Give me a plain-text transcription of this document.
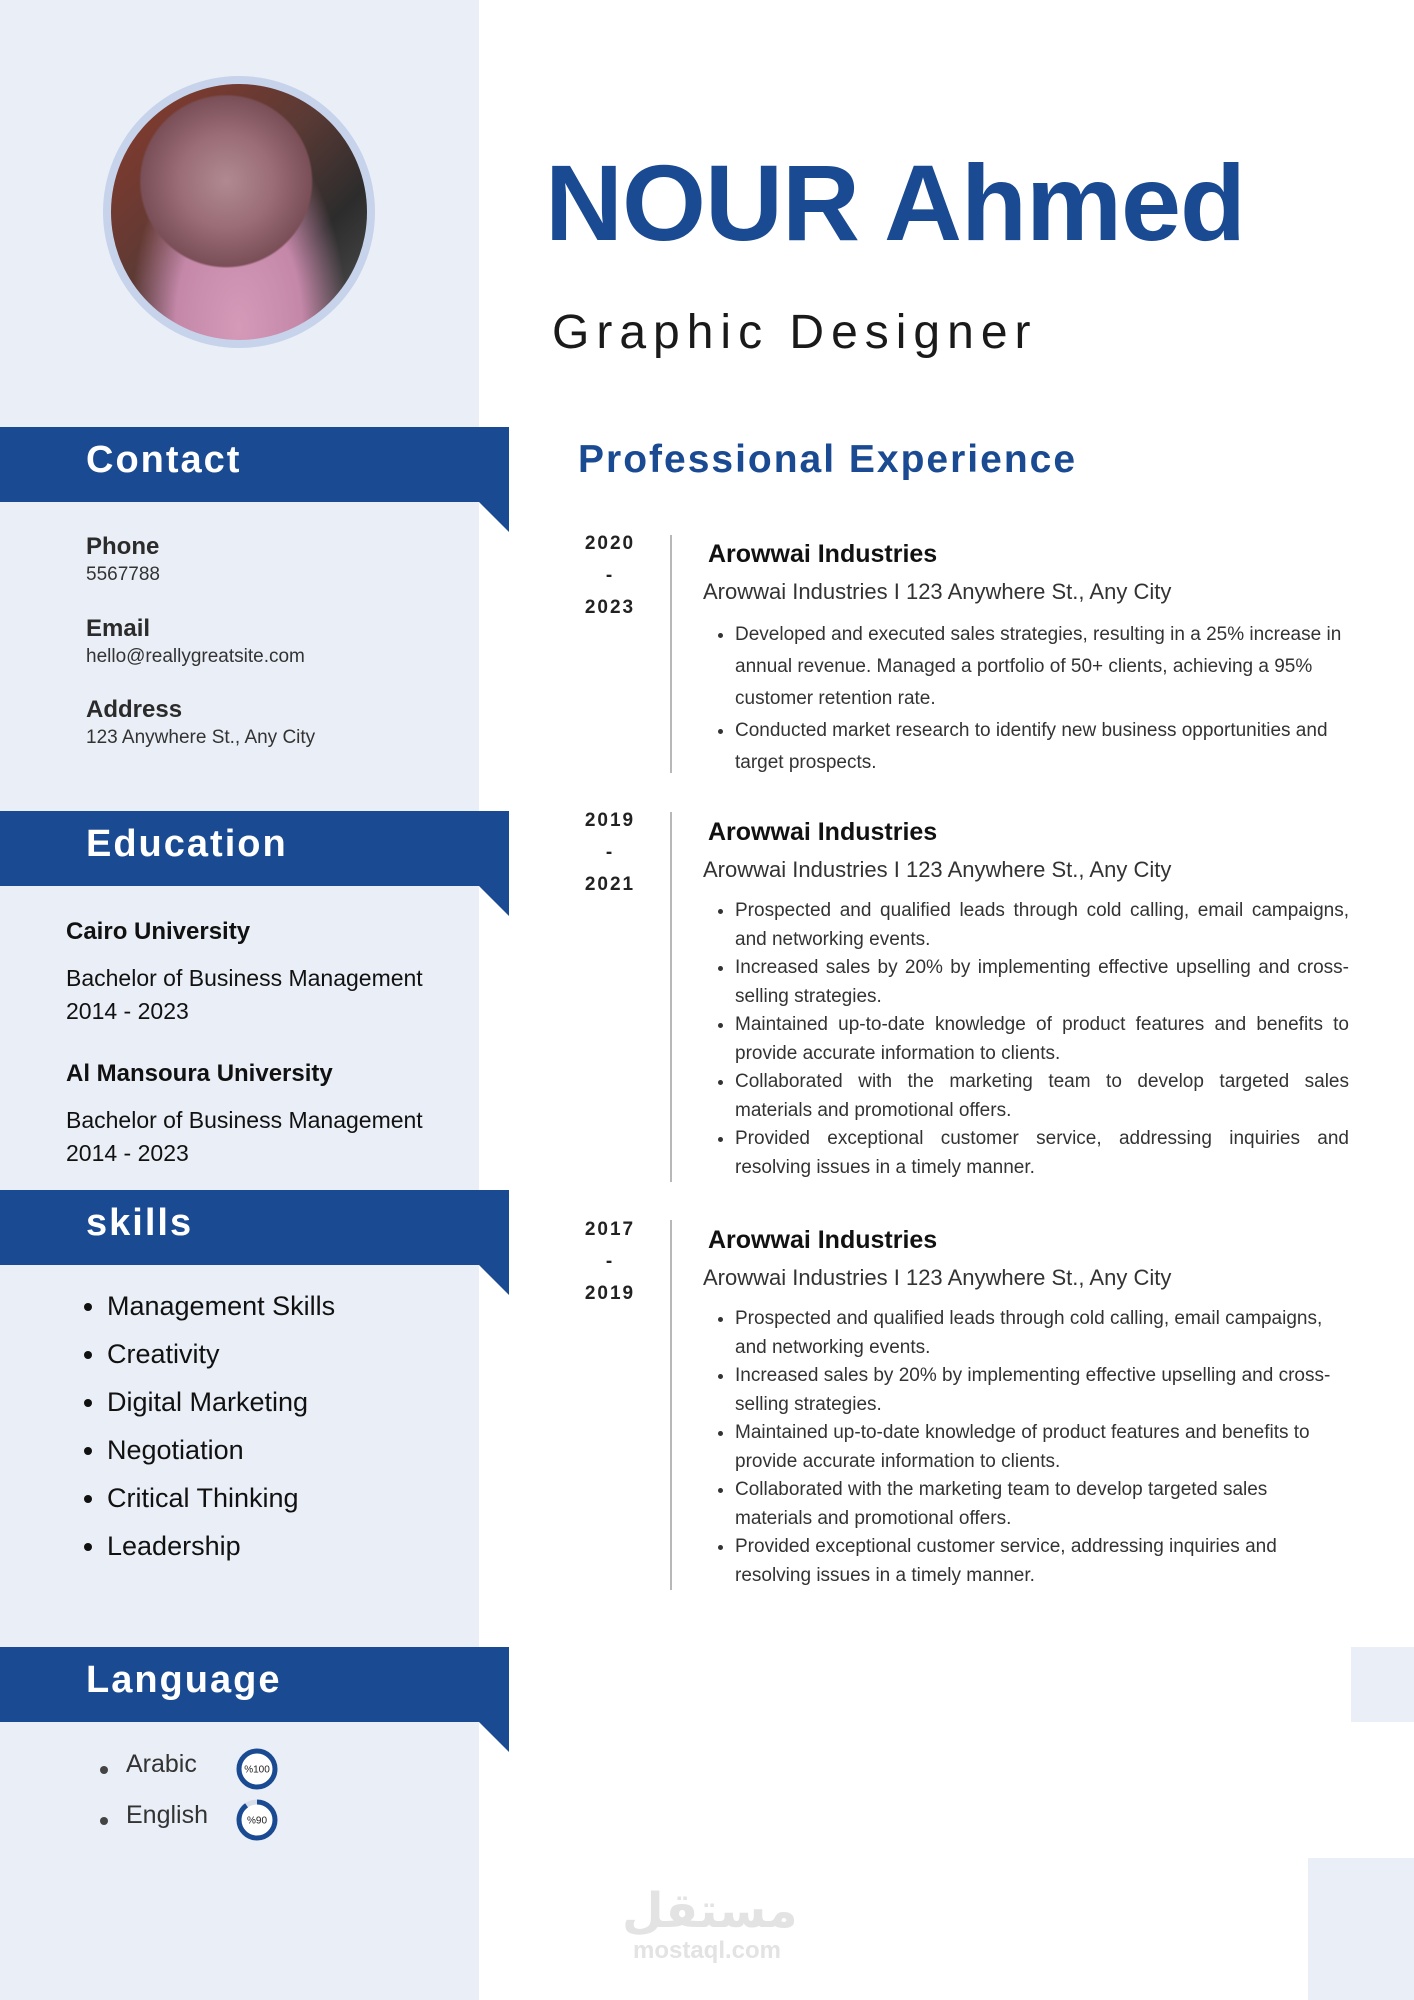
NOUR Ahmed
Graphic Designer
Contact
Phone
5567788
Email
hello@reallygreatsite.com
Address
123 Anywhere St., Any City
Education
Cairo University
Bachelor of Business Management
2014 - 2023
Al Mansoura University
Bachelor of Business Management
2014 - 2023
skills
• Management Skills
• Creativity
• Digital Marketing
• Negotiation
• Critical Thinking
• Leadership
Language
Arabic	%100
English	%90
Professional Experience
2020
-
2023
Arowwai Industries
Arowwai Industries I 123 Anywhere St., Any City
• Developed and executed sales strategies, resulting in a 25% increase in annual revenue. Managed a portfolio of 50+ clients, achieving a 95% customer retention rate.
• Conducted market research to identify new business opportunities and target prospects.
2019
-
2021
Arowwai Industries
Arowwai Industries I 123 Anywhere St., Any City
• Prospected and qualified leads through cold calling, email campaigns, and networking events.
• Increased sales by 20% by implementing effective upselling and cross-selling strategies.
• Maintained up-to-date knowledge of product features and benefits to provide accurate information to clients.
• Collaborated with the marketing team to develop targeted sales materials and promotional offers.
• Provided exceptional customer service, addressing inquiries and resolving issues in a timely manner.
2017
-
2019
Arowwai Industries
Arowwai Industries I 123 Anywhere St., Any City
• Prospected and qualified leads through cold calling, email campaigns, and networking events.
• Increased sales by 20% by implementing effective upselling and cross-selling strategies.
• Maintained up-to-date knowledge of product features and benefits to provide accurate information to clients.
• Collaborated with the marketing team to develop targeted sales materials and promotional offers.
• Provided exceptional customer service, addressing inquiries and resolving issues in a timely manner.
مستقل
mostaql.com
